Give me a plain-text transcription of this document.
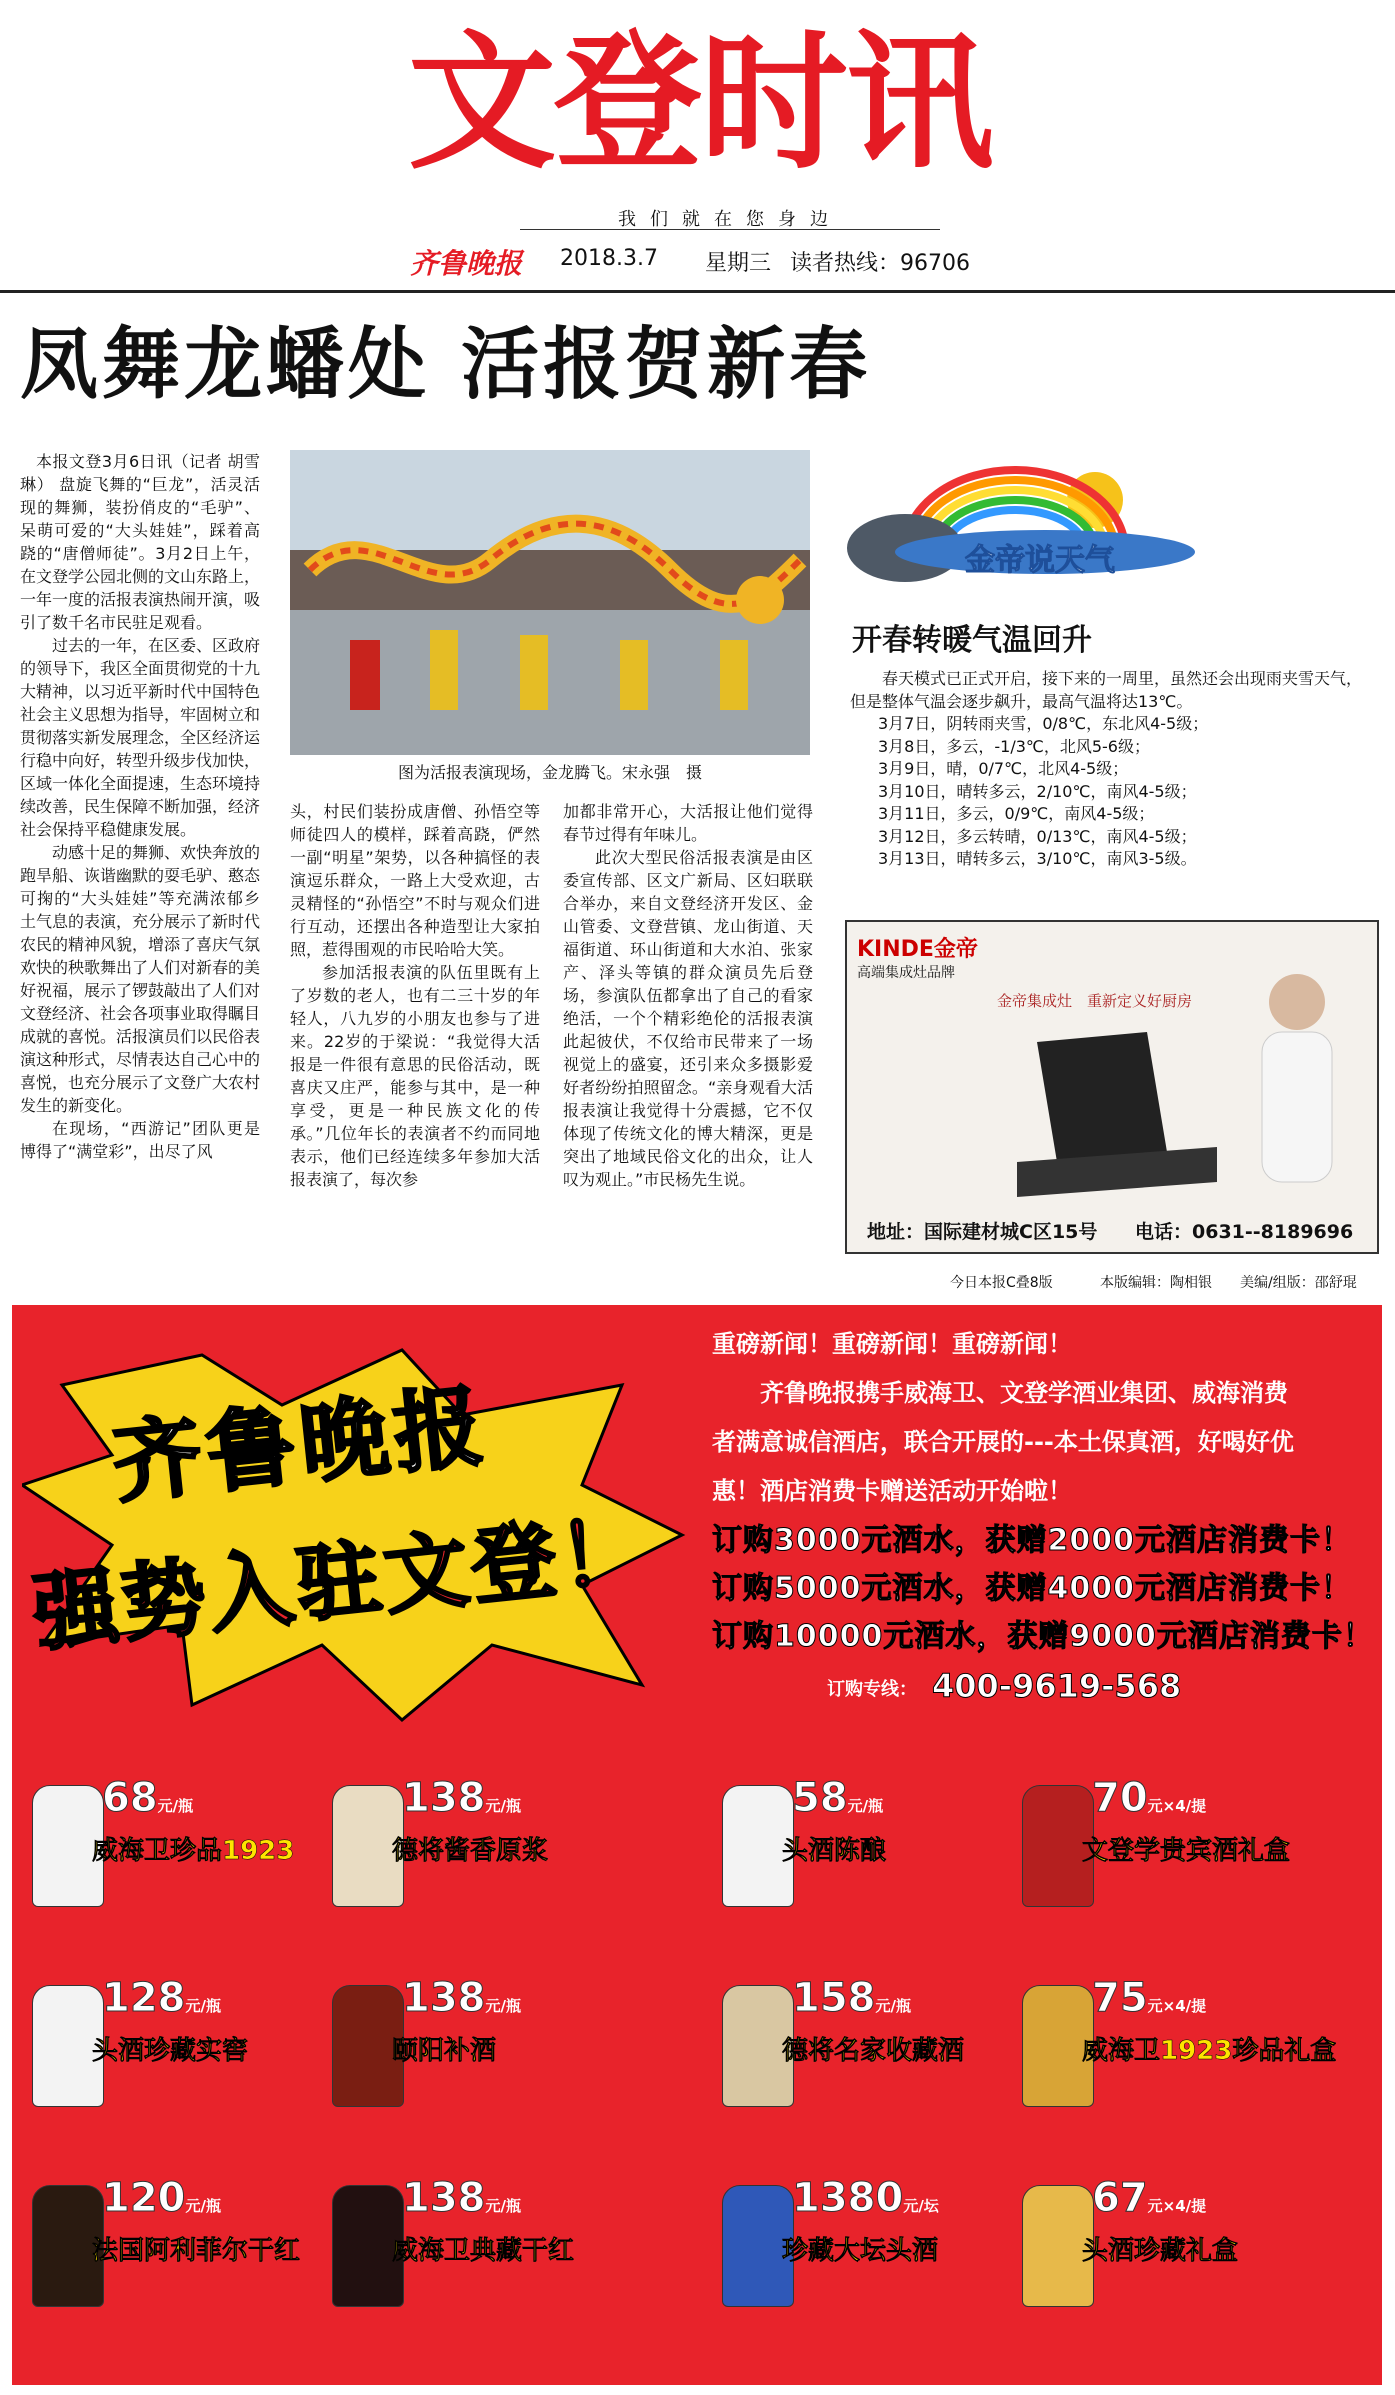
文登时讯
我们就在您身边
齐鲁晚报	2018.3.7 星期三 读者热线：96706
凤舞龙蟠处 活报贺新春

本报文登3月6日讯（记者 胡雪琳） 盘旋飞舞的“巨龙”，活灵活现的舞狮，装扮俏皮的“毛驴”、呆萌可爱的“大头娃娃”，踩着高跷的“唐僧师徒”。3月2日上午，在文登学公园北侧的文山东路上，一年一度的活报表演热闹开演，吸引了数千名市民驻足观看。

过去的一年，在区委、区政府的领导下，我区全面贯彻党的十九大精神，以习近平新时代中国特色社会主义思想为指导，牢固树立和贯彻落实新发展理念，全区经济运行稳中向好，转型升级步伐加快，区域一体化全面提速，生态环境持续改善，民生保障不断加强，经济社会保持平稳健康发展。

动感十足的舞狮、欢快奔放的跑旱船、诙谐幽默的耍毛驴、憨态可掬的“大头娃娃”等充满浓郁乡土气息的表演，充分展示了新时代农民的精神风貌，增添了喜庆气氛欢快的秧歌舞出了人们对新春的美好祝福，展示了锣鼓敲出了人们对文登经济、社会各项事业取得瞩目成就的喜悦。活报演员们以民俗表演这种形式，尽情表达自己心中的喜悦，也充分展示了文登广大农村发生的新变化。

在现场，“西游记”团队更是博得了“满堂彩”，出尽了风

图为活报表演现场，金龙腾飞。宋永强　摄

头，村民们装扮成唐僧、孙悟空等师徒四人的模样，踩着高跷，俨然一副“明星”架势，以各种搞怪的表演逗乐群众，一路上大受欢迎，古灵精怪的“孙悟空”不时与观众们进行互动，还摆出各种造型让大家拍照，惹得围观的市民哈哈大笑。

参加活报表演的队伍里既有上了岁数的老人，也有二三十岁的年轻人，八九岁的小朋友也参与了进来。22岁的于梁说：“我觉得大活报是一件很有意思的民俗活动，既喜庆又庄严，能参与其中，是一种享受，更是一种民族文化的传承。”几位年长的表演者不约而同地表示，他们已经连续多年参加大活报表演了，每次参

加都非常开心，大活报让他们觉得春节过得有年味儿。

此次大型民俗活报表演是由区委宣传部、区文广新局、区妇联联合举办，来自文登经济开发区、金山管委、文登营镇、龙山街道、天福街道、环山街道和大水泊、张家产、泽头等镇的群众演员先后登场，参演队伍都拿出了自己的看家绝活，一个个精彩绝伦的活报表演此起彼伏，不仅给市民带来了一场视觉上的盛宴，还引来众多摄影爱好者纷纷拍照留念。“亲身观看大活报表演让我觉得十分震撼，它不仅体现了传统文化的博大精深，更是突出了地域民俗文化的出众，让人叹为观止。”市民杨先生说。

金帝说天气
开春转暖气温回升

春天模式已正式开启，接下来的一周里，虽然还会出现雨夹雪天气，但是整体气温会逐步飙升，最高气温将达13℃。

3月7日，阴转雨夹雪，0/8℃，东北风4-5级；

3月8日，多云，-1/3℃，北风5-6级；

3月9日，晴，0/7℃，北风4-5级；

3月10日，晴转多云，2/10℃，南风4-5级；

3月11日，多云，0/9℃，南风4-5级；

3月12日，多云转晴，0/13℃，南风4-5级；

3月13日，晴转多云，3/10℃，南风3-5级。

KINDE金帝
高端集成灶品牌
金帝集成灶　重新定义好厨房
地址：国际建材城C区15号 电话：0631--8189696
今日本报C叠8版	本版编辑：陶相银 美编/组版：邵舒琨
齐鲁晚报
强势入驻文登！

重磅新闻！重磅新闻！重磅新闻！

齐鲁晚报携手威海卫、文登学酒业集团、威海消费

者满意诚信酒店，联合开展的---本土保真酒，好喝好优

惠！酒店消费卡赠送活动开始啦！

订购3000元酒水，获赠2000元酒店消费卡！
订购5000元酒水，获赠4000元酒店消费卡！
订购10000元酒水，获赠9000元酒店消费卡！
订购专线： 400-9619-568
68元/瓶
威海卫珍品1923
138元/瓶
德将酱香原浆
58元/瓶
头酒陈酿
70元×4/提
文登学贵宾酒礼盒
128元/瓶
头酒珍藏实窖
138元/瓶
颐阳补酒
158元/瓶
德将名家收藏酒
75元×4/提
威海卫1923珍品礼盒
120元/瓶
法国阿利菲尔干红
138元/瓶
威海卫典藏干红
1380元/坛
珍藏大坛头酒
67元×4/提
头酒珍藏礼盒
